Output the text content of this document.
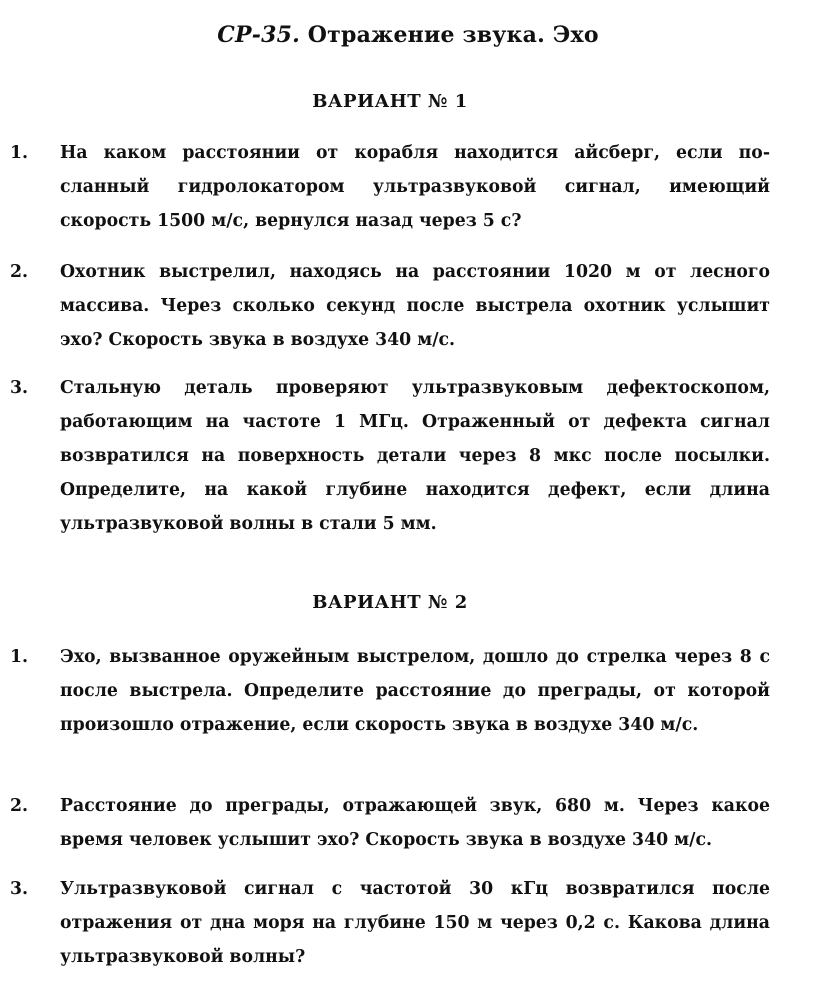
СР-35. Отражение звука. Эхо
ВАРИАНТ № 1
1.	На каком расстоянии от корабля находится айсберг, если посланный гидролокатором ультразвуковой сигнал, имеющий скорость 1500 м/с, вернулся назад через 5 с?
2.	Охотник выстрелил, находясь на расстоянии 1020 м от лесного массива. Через сколько секунд после выстрела охотник услышит эхо? Скорость звука в воздухе 340 м/с.
3.	Стальную деталь проверяют ультразвуковым дефектоскопом, работающим на частоте 1 МГц. Отраженный от дефекта сигнал возвратился на поверхность детали через 8 мкс после посылки. Определите, на какой глубине находится дефект, если длина ультразвуковой волны в стали 5 мм.
ВАРИАНТ № 2
1.	Эхо, вызванное оружейным выстрелом, дошло до стрелка через 8 с после выстрела. Определите расстояние до преграды, от которой произошло отражение, если скорость звука в воздухе 340 м/с.
2.	Расстояние до преграды, отражающей звук, 680 м. Через какое время человек услышит эхо? Скорость звука в воздухе 340 м/с.
3.	Ультразвуковой сигнал с частотой 30 кГц возвратился после отражения от дна моря на глубине 150 м через 0,2 с. Какова длина ультразвуковой волны?
